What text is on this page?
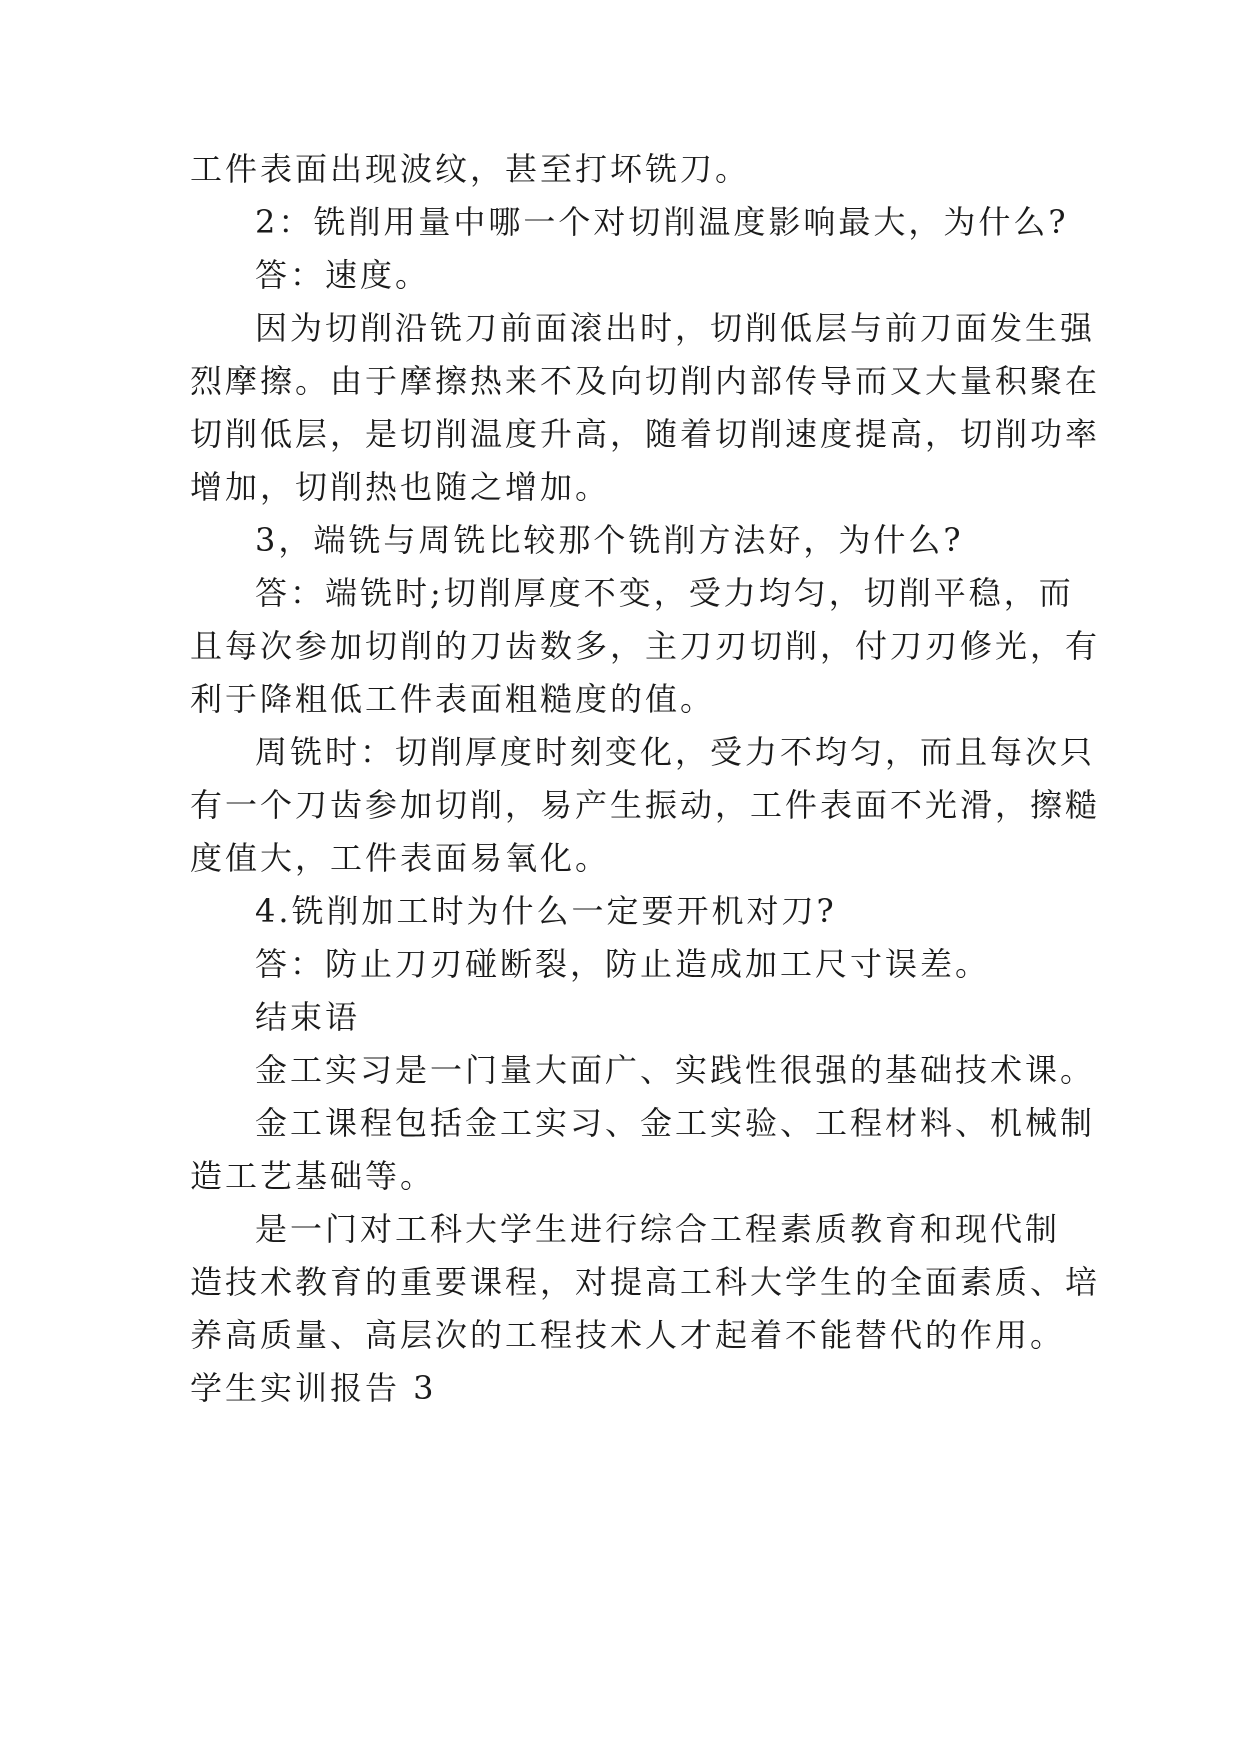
工件表面出现波纹，甚至打坏铣刀。
2：铣削用量中哪一个对切削温度影响最大，为什么?
答：速度。
因为切削沿铣刀前面滚出时，切削低层与前刀面发生强
烈摩擦。由于摩擦热来不及向切削内部传导而又大量积聚在
切削低层，是切削温度升高，随着切削速度提高，切削功率
增加，切削热也随之增加。
3，端铣与周铣比较那个铣削方法好，为什么?
答：端铣时;切削厚度不变，受力均匀，切削平稳，而
且每次参加切削的刀齿数多，主刀刃切削，付刀刃修光，有
利于降粗低工件表面粗糙度的值。
周铣时：切削厚度时刻变化，受力不均匀，而且每次只
有一个刀齿参加切削，易产生振动，工件表面不光滑，擦糙
度值大，工件表面易氧化。
4.铣削加工时为什么一定要开机对刀?
答：防止刀刃碰断裂，防止造成加工尺寸误差。
结束语
金工实习是一门量大面广、实践性很强的基础技术课。
金工课程包括金工实习、金工实验、工程材料、机械制
造工艺基础等。
是一门对工科大学生进行综合工程素质教育和现代制
造技术教育的重要课程，对提高工科大学生的全面素质、培
养高质量、高层次的工程技术人才起着不能替代的作用。
学生实训报告 3
